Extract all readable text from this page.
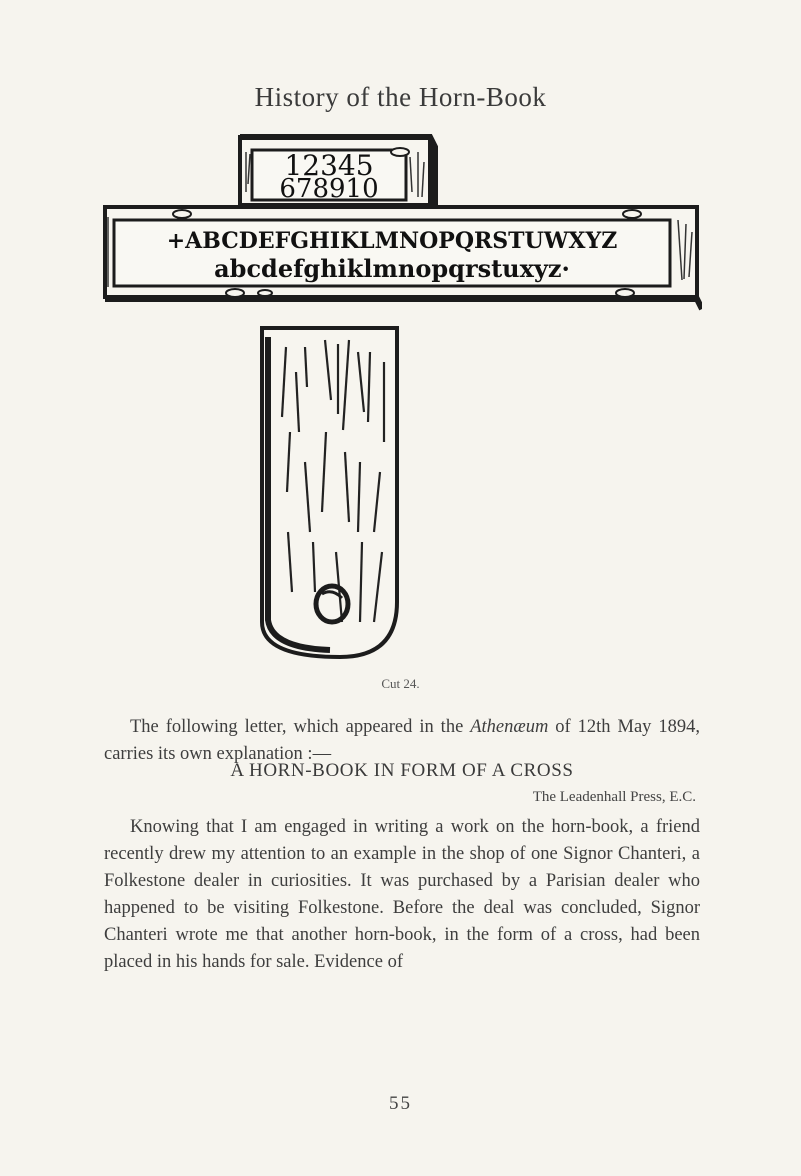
History of the Horn-Book
12345
678910
+ABCDEFGHIKLMNOPQRSTUWXYZ
abcdefghiklmnopqrstuxyz·
Cut 24.
The following letter, which appeared in the Athenæum of 12th May 1894, carries its own explanation :—
A HORN-BOOK IN FORM OF A CROSS
The Leadenhall Press, E.C.
Knowing that I am engaged in writing a work on the horn-book, a friend recently drew my attention to an example in the shop of one Signor Chanteri, a Folkestone dealer in curiosities. It was purchased by a Parisian dealer who happened to be visiting Folkestone. Before the deal was concluded, Signor Chanteri wrote me that another horn-book, in the form of a cross, had been placed in his hands for sale. Evidence of
55
